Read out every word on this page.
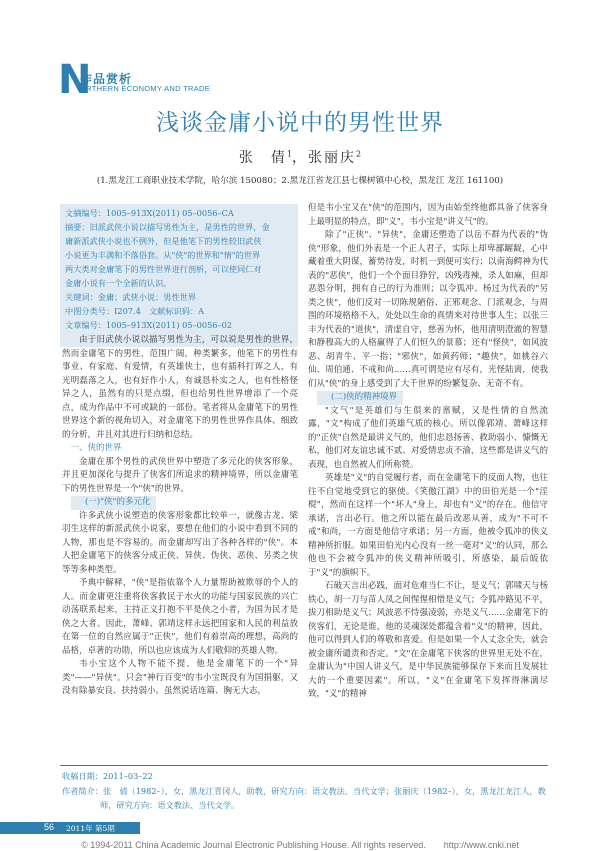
N
作品赏析
ORTHERN ECONOMY AND TRADE
浅谈金庸小说中的男性世界
张　倩$^1$，张丽庆$^2$
(1.黑龙江工商职业技术学院，哈尔滨 150080；2.黑龙江省龙江县七棵树镇中心校，黑龙江 龙江 161100)
文摘编号：1005–913X(2011) 05–0056–CA
摘要：旧派武侠小说以描写男性为主，是男性的世界，金
庸新派武侠小说也不例外，但是他笔下的男性较旧武侠
小说更为丰满和不落俗套。从"侠"的世界和"情"的世界
两大类对金庸笔下的男性世界进行剖析，可以使同仁对
金庸小说有一个全新的认识。
关键词：金庸；武侠小说；男性世界
中图分类号：I207.4　文献标识码：A
文章编号：1005–913X(2011) 05–0056–02

由于旧武侠小说以描写男性为主，可以说是男性的世界，然而金庸笔下的男性，范围广阔，种类繁多，他笔下的男性有事业、有家庭、有爱情，有英雄侠士，也有插科打诨之人，有光明磊落之人，也有好作小人，有诚恳朴实之人，也有性格怪异之人，虽然有的只是点缀，但也给男性世界增添了一个亮点，成为作品中不可或缺的一部份。笔者将从金庸笔下的男性世界这个新的视角切入，对金庸笔下的男性世界作具体、细致的分析，并且对其进行归纳和总结。

一、侠的世界

金庸在那个男性的武侠世界中塑造了多元化的侠客形象，并且更加深化与提升了侠客们所追求的精神境界，所以金庸笔下的男性世界是一个"侠"的世界。

(一)"侠"的多元化

许多武侠小说塑造的侠客形象都比较单一，就像古龙、梁羽生这样的新派武侠小说家，要想在他们的小说中看到不同的人物，那也是不容易的。而金庸却写出了各种各样的"侠"。本人把金庸笔下的侠客分成正侠、异侠、伪侠、恶侠、另类之侠等等多种类型。

予典中解释，"侠"是指依靠个人力量帮助被欺辱的个人的人。而金庸更注重将侠客救民于水火的功能与国家民族的兴亡动荡联系起来，主持正义打抱不平是侠之小者，为国为民才是侠之大者。因此，萧峰、郭靖这样永远把国家和人民的利益放在第一位的自然应属于"正侠"，他们有着崇高的理想，高尚的品格，卓著的功勋，所以也应该成为人们敬仰的英雄人物。

韦小宝这个人物不能不提，他是金庸笔下的一个"异类"——"异侠"。只会"神行百变"的韦小宝既没有为国捐躯，又没有除暴安良、扶持弱小。虽然说话连篇、胸无大志，

但是韦小宝又在"侠"的范围内，因为由始至终他都具备了侠客身上最明显的特点，即"义"，韦小宝是"讲义气"的。

除了"正侠"、"异侠"，金庸还塑造了以岳不群为代表的"伪侠"形象，他们外表是一个正人君子，实际上却卑鄙龌龊，心中藏着重大阴谋，蓄势待发，时机一到便可实行；以南海鳄神为代表的"恶侠"，他们一个个面目狰狞，凶残毒辣，杀人如麻，但却恶怨分明，拥有自己的行为准则；以令狐冲、杨过为代表的"另类之侠"，他们反对一切陈规陋俗、正邪观念、门派观念，与周围的环境格格不入，处处以生命的真情来对待世事人生；以张三丰为代表的"道侠"，清虚自守，慈善为怀，他用清明澄澈的智慧和静穆高大的人格赢得了人们恒久的景慕；还有"怪侠"，如风波恶、胡青牛、平一指；"邪侠"，如黄药师；"趣侠"，如桃谷六仙、周伯通、不戒和尚……真可谓是应有尽有，光怪陆离，使我们从"侠"的身上感受到了大千世界的纷繁复杂、无奇不有。

(二)侠的精神境界

"文气"是英雄们与生俱来的禀赋，又是性情的自然流露，"文"构成了他们英雄气质的核心。所以像郭靖、萧峰这样的"正侠"自然是最讲义气的，他们忠恳扬善、救助弱小、慷慨无私，他们对友谊忠诚不贰、对爱情忠贞不渝，这些都是讲义气的表现，也自然被人们所称赞。

英雄是"义"的自觉履行者，而在金庸笔下的反面人物，也往往不自觉地受到它的驱使。《笑傲江湖》中的田伯光是一个"淫棍"，然而在这样一个"坏人"身上，却也有"义"的存在。他信守承诺，言出必行。他之所以能在最后改恶从善，成为"不可不戒"和尚，一方面是他信守承诺；另一方面，他被令狐冲的侠义精神所折服。如果田伯光内心没有一丝一毫对"义"的认同，那么他也不会被令狐冲的侠义精神所吸引，所感染，最后皈依于"义"的旗帜下。

石破天言出必践，面对危难当仁不让，是义气；郭啸天与杨铁心，胡一刀与苗人凤之间惺惺相惜是义气；令狐冲路见不平，拔刀相助是义气；风波恶不恃强凌弱，亦是义气……金庸笔下的侠客们，无论是谁，他的灵魂深处都蕴含着"义"的精神，因此，他可以得到人们的尊敬和喜爱。但是如果一个人丈念全失，就会被金庸所谴责和否定。"文"在金庸笔下侠客的世界里无处不在，金庸认为"中国人讲义气，是中华民族能够保存下来而且发展壮大的一个重要因素"。所以，"义"在金庸笔下发挥得淋漓尽致，"义"的精神

收稿日期：2011–03–22
作者简介：张　倩（1982–），女，黑龙江青冈人，助教，研究方向：语文教法、当代文学；张丽庆（1982–），女，黑龙江龙江人，教
师，研究方向：语文教法、当代文学。
56 2011年 第5期
© 1994-2011 China Academic Journal Electronic Publishing House. All rights reserved.　　http://www.cnki.net
